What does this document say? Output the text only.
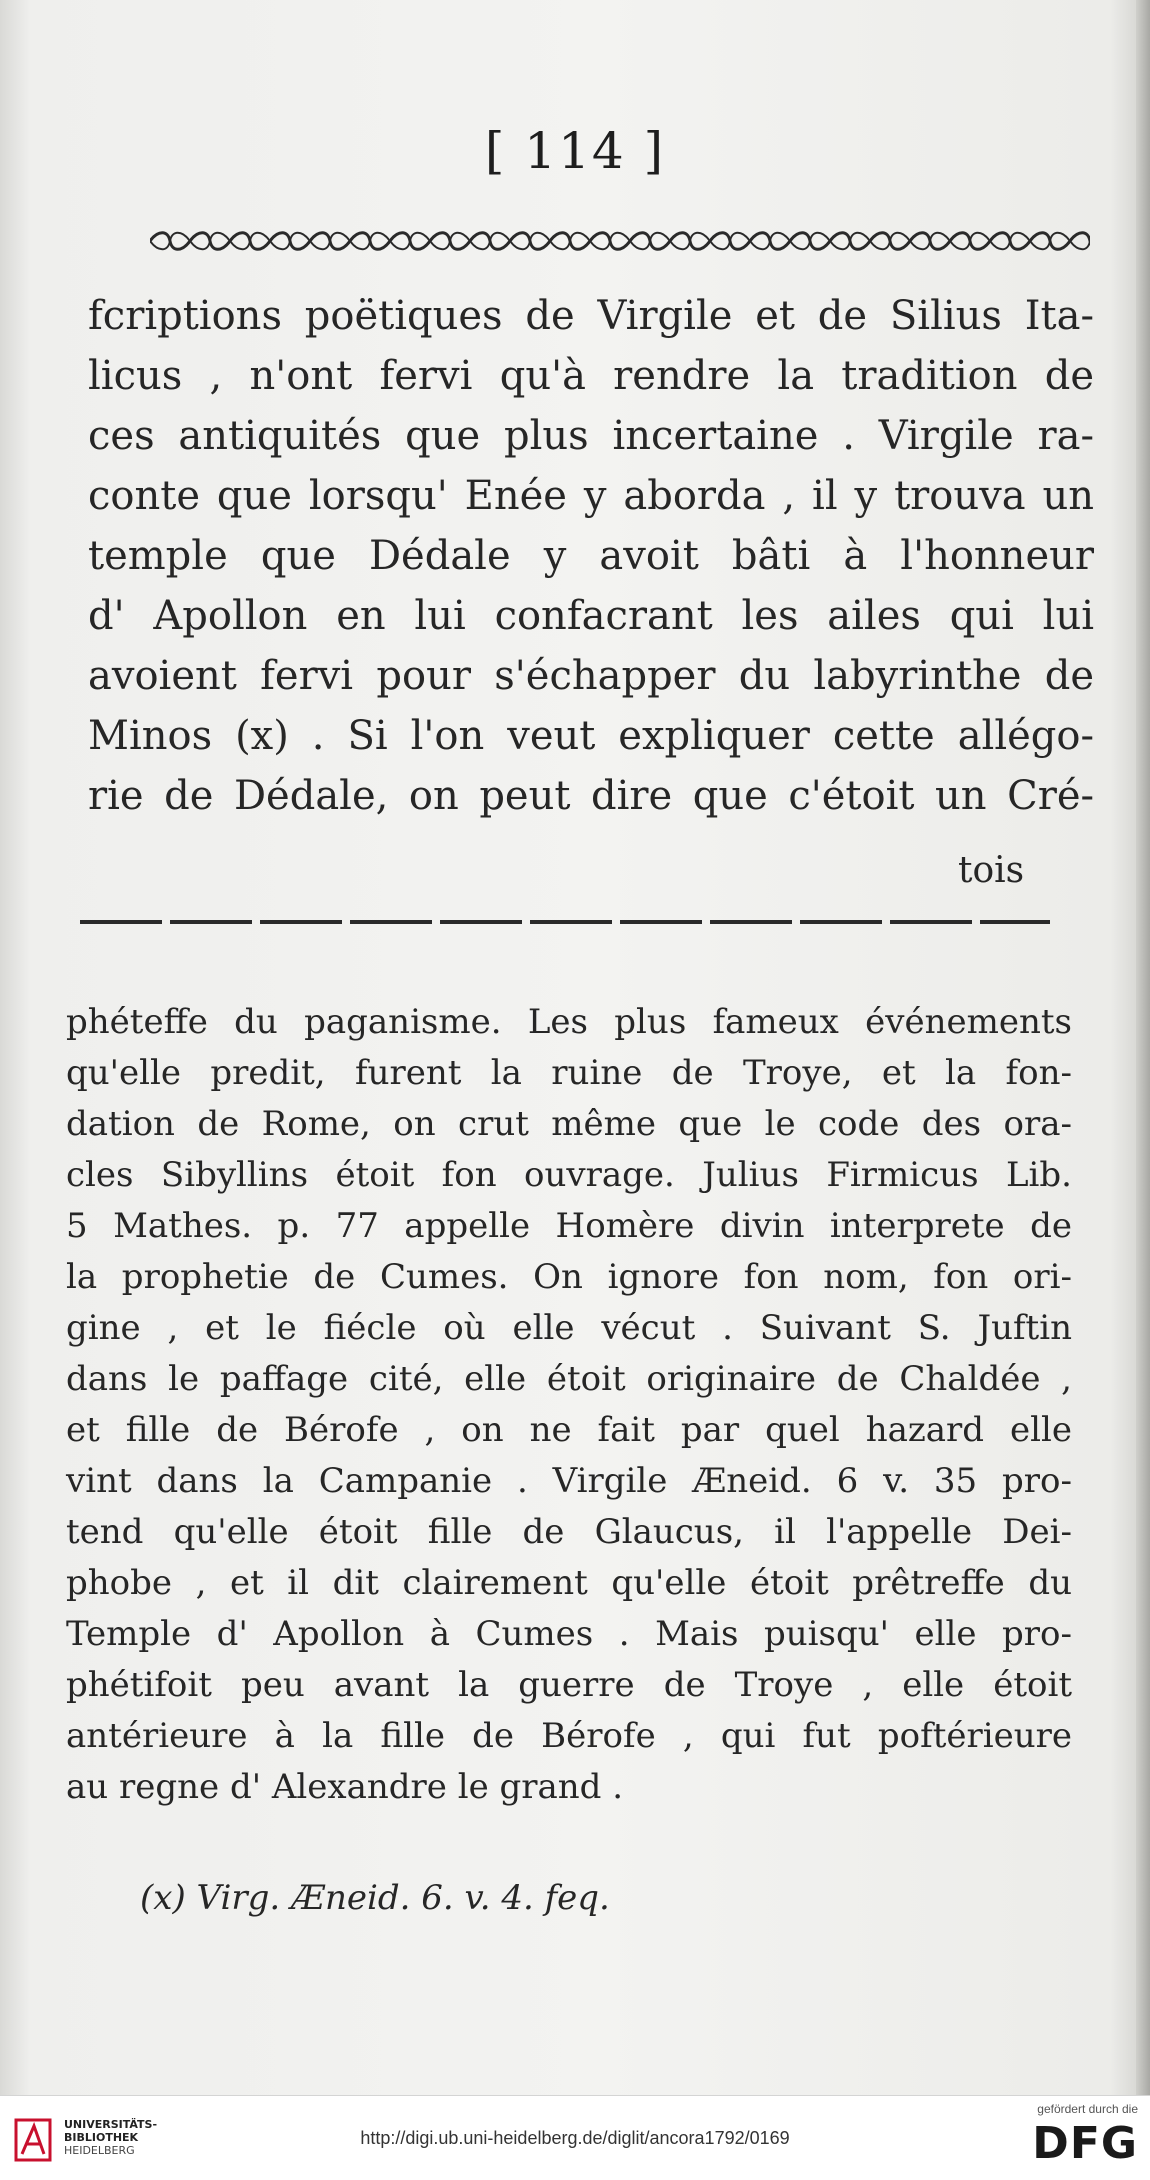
[ 114 ]
fcriptions poëtiques de Virgile et de Silius Ita-
licus , n'ont fervi qu'à rendre la tradition de
ces antiquités que plus incertaine . Virgile ra-
conte que lorsqu' Enée y aborda , il y trouva un
temple que Dédale y avoit bâti à l'honneur
d' Apollon en lui confacrant les ailes qui lui
avoient fervi pour s'échapper du labyrinthe de
Minos (x) . Si l'on veut expliquer cette allégo-
rie de Dédale, on peut dire que c'étoit un Cré-
tois
phéteffe du paganisme. Les plus fameux événements
qu'elle predit, furent la ruine de Troye, et la fon-
dation de Rome, on crut même que le code des ora-
cles Sibyllins étoit fon ouvrage. Julius Firmicus Lib.
5 Mathes. p. 77 appelle Homère divin interprete de
la prophetie de Cumes. On ignore fon nom, fon ori-
gine , et le fiécle où elle vécut . Suivant S. Juftin
dans le paffage cité, elle étoit originaire de Chaldée ,
et fille de Bérofe , on ne fait par quel hazard elle
vint dans la Campanie . Virgile Æneid. 6 v. 35 pro-
tend qu'elle étoit fille de Glaucus, il l'appelle Dei-
phobe , et il dit clairement qu'elle étoit prêtreffe du
Temple d' Apollon à Cumes . Mais puisqu' elle pro-
phétifoit peu avant la guerre de Troye , elle étoit
antérieure à la fille de Bérofe , qui fut poftérieure
au regne d' Alexandre le grand .
(x) Virg. Æneid. 6. v. 4. feq.
UNIVERSITÄTS-
BIBLIOTHEK
HEIDELBERG
http://digi.ub.uni-heidelberg.de/diglit/ancora1792/0169
gefördert durch die
DFG
